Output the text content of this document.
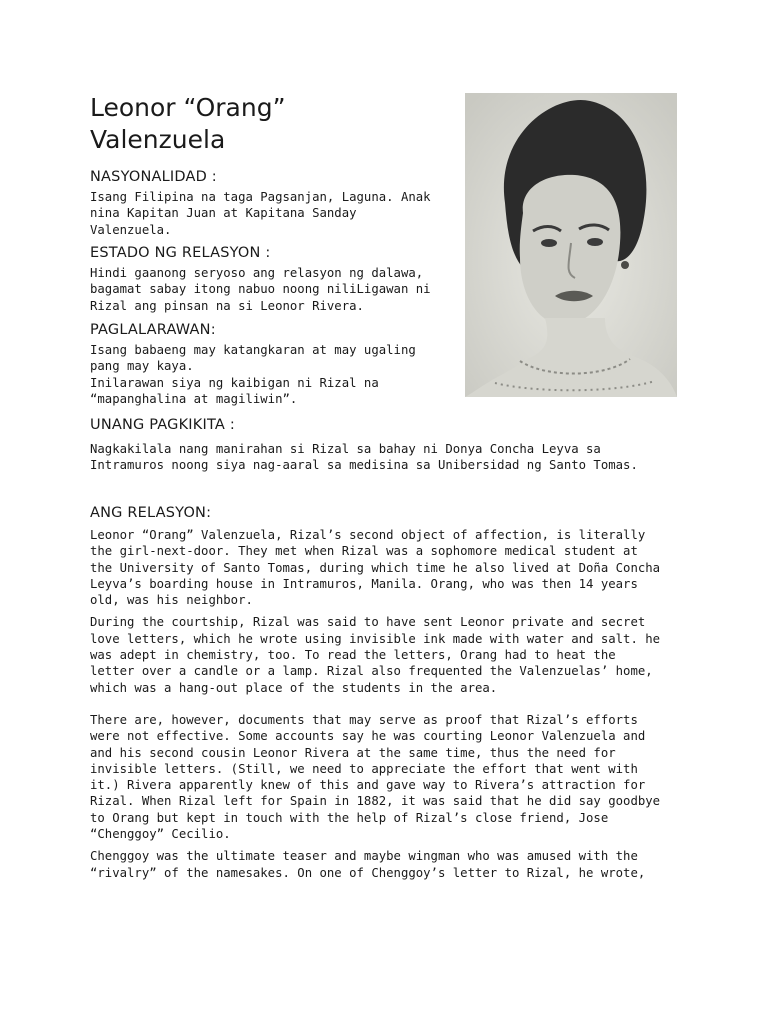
Leonor “Orang”
Valenzuela

NASYONALIDAD :

Isang Filipina na taga Pagsanjan, Laguna. Anak
nina Kapitan Juan at Kapitana Sanday
Valenzuela.

ESTADO NG RELASYON :

Hindi gaanong seryoso ang relasyon ng dalawa,
bagamat sabay itong nabuo noong niliLigawan ni
Rizal ang pinsan na si Leonor Rivera.

PAGLALARAWAN:

Isang babaeng may katangkaran at may ugaling
pang may kaya.
Inilarawan siya ng kaibigan ni Rizal na
“mapanghalina at magiliwin”.

UNANG PAGKIKITA :

Nagkakilala nang manirahan si Rizal sa bahay ni Donya Concha Leyva sa
Intramuros noong siya nag-aaral sa medisina sa Unibersidad ng Santo Tomas.

ANG RELASYON:

Leonor “Orang” Valenzuela, Rizal’s second object of affection, is literally
the girl-next-door. They met when Rizal was a sophomore medical student at
the University of Santo Tomas, during which time he also lived at Doña Concha
Leyva’s boarding house in Intramuros, Manila. Orang, who was then 14 years
old, was his neighbor.

During the courtship, Rizal was said to have sent Leonor private and secret
love letters, which he wrote using invisible ink made with water and salt. he
was adept in chemistry, too. To read the letters, Orang had to heat the
letter over a candle or a lamp. Rizal also frequented the Valenzuelas’ home,
which was a hang-out place of the students in the area.

There are, however, documents that may serve as proof that Rizal’s efforts
were not effective. Some accounts say he was courting Leonor Valenzuela and
and his second cousin Leonor Rivera at the same time, thus the need for
invisible letters. (Still, we need to appreciate the effort that went with
it.) Rivera apparently knew of this and gave way to Rivera’s attraction for
Rizal. When Rizal left for Spain in 1882, it was said that he did say goodbye
to Orang but kept in touch with the help of Rizal’s close friend, Jose
“Chenggoy” Cecilio.

Chenggoy was the ultimate teaser and maybe wingman who was amused with the
“rivalry” of the namesakes. On one of Chenggoy’s letter to Rizal, he wrote,
